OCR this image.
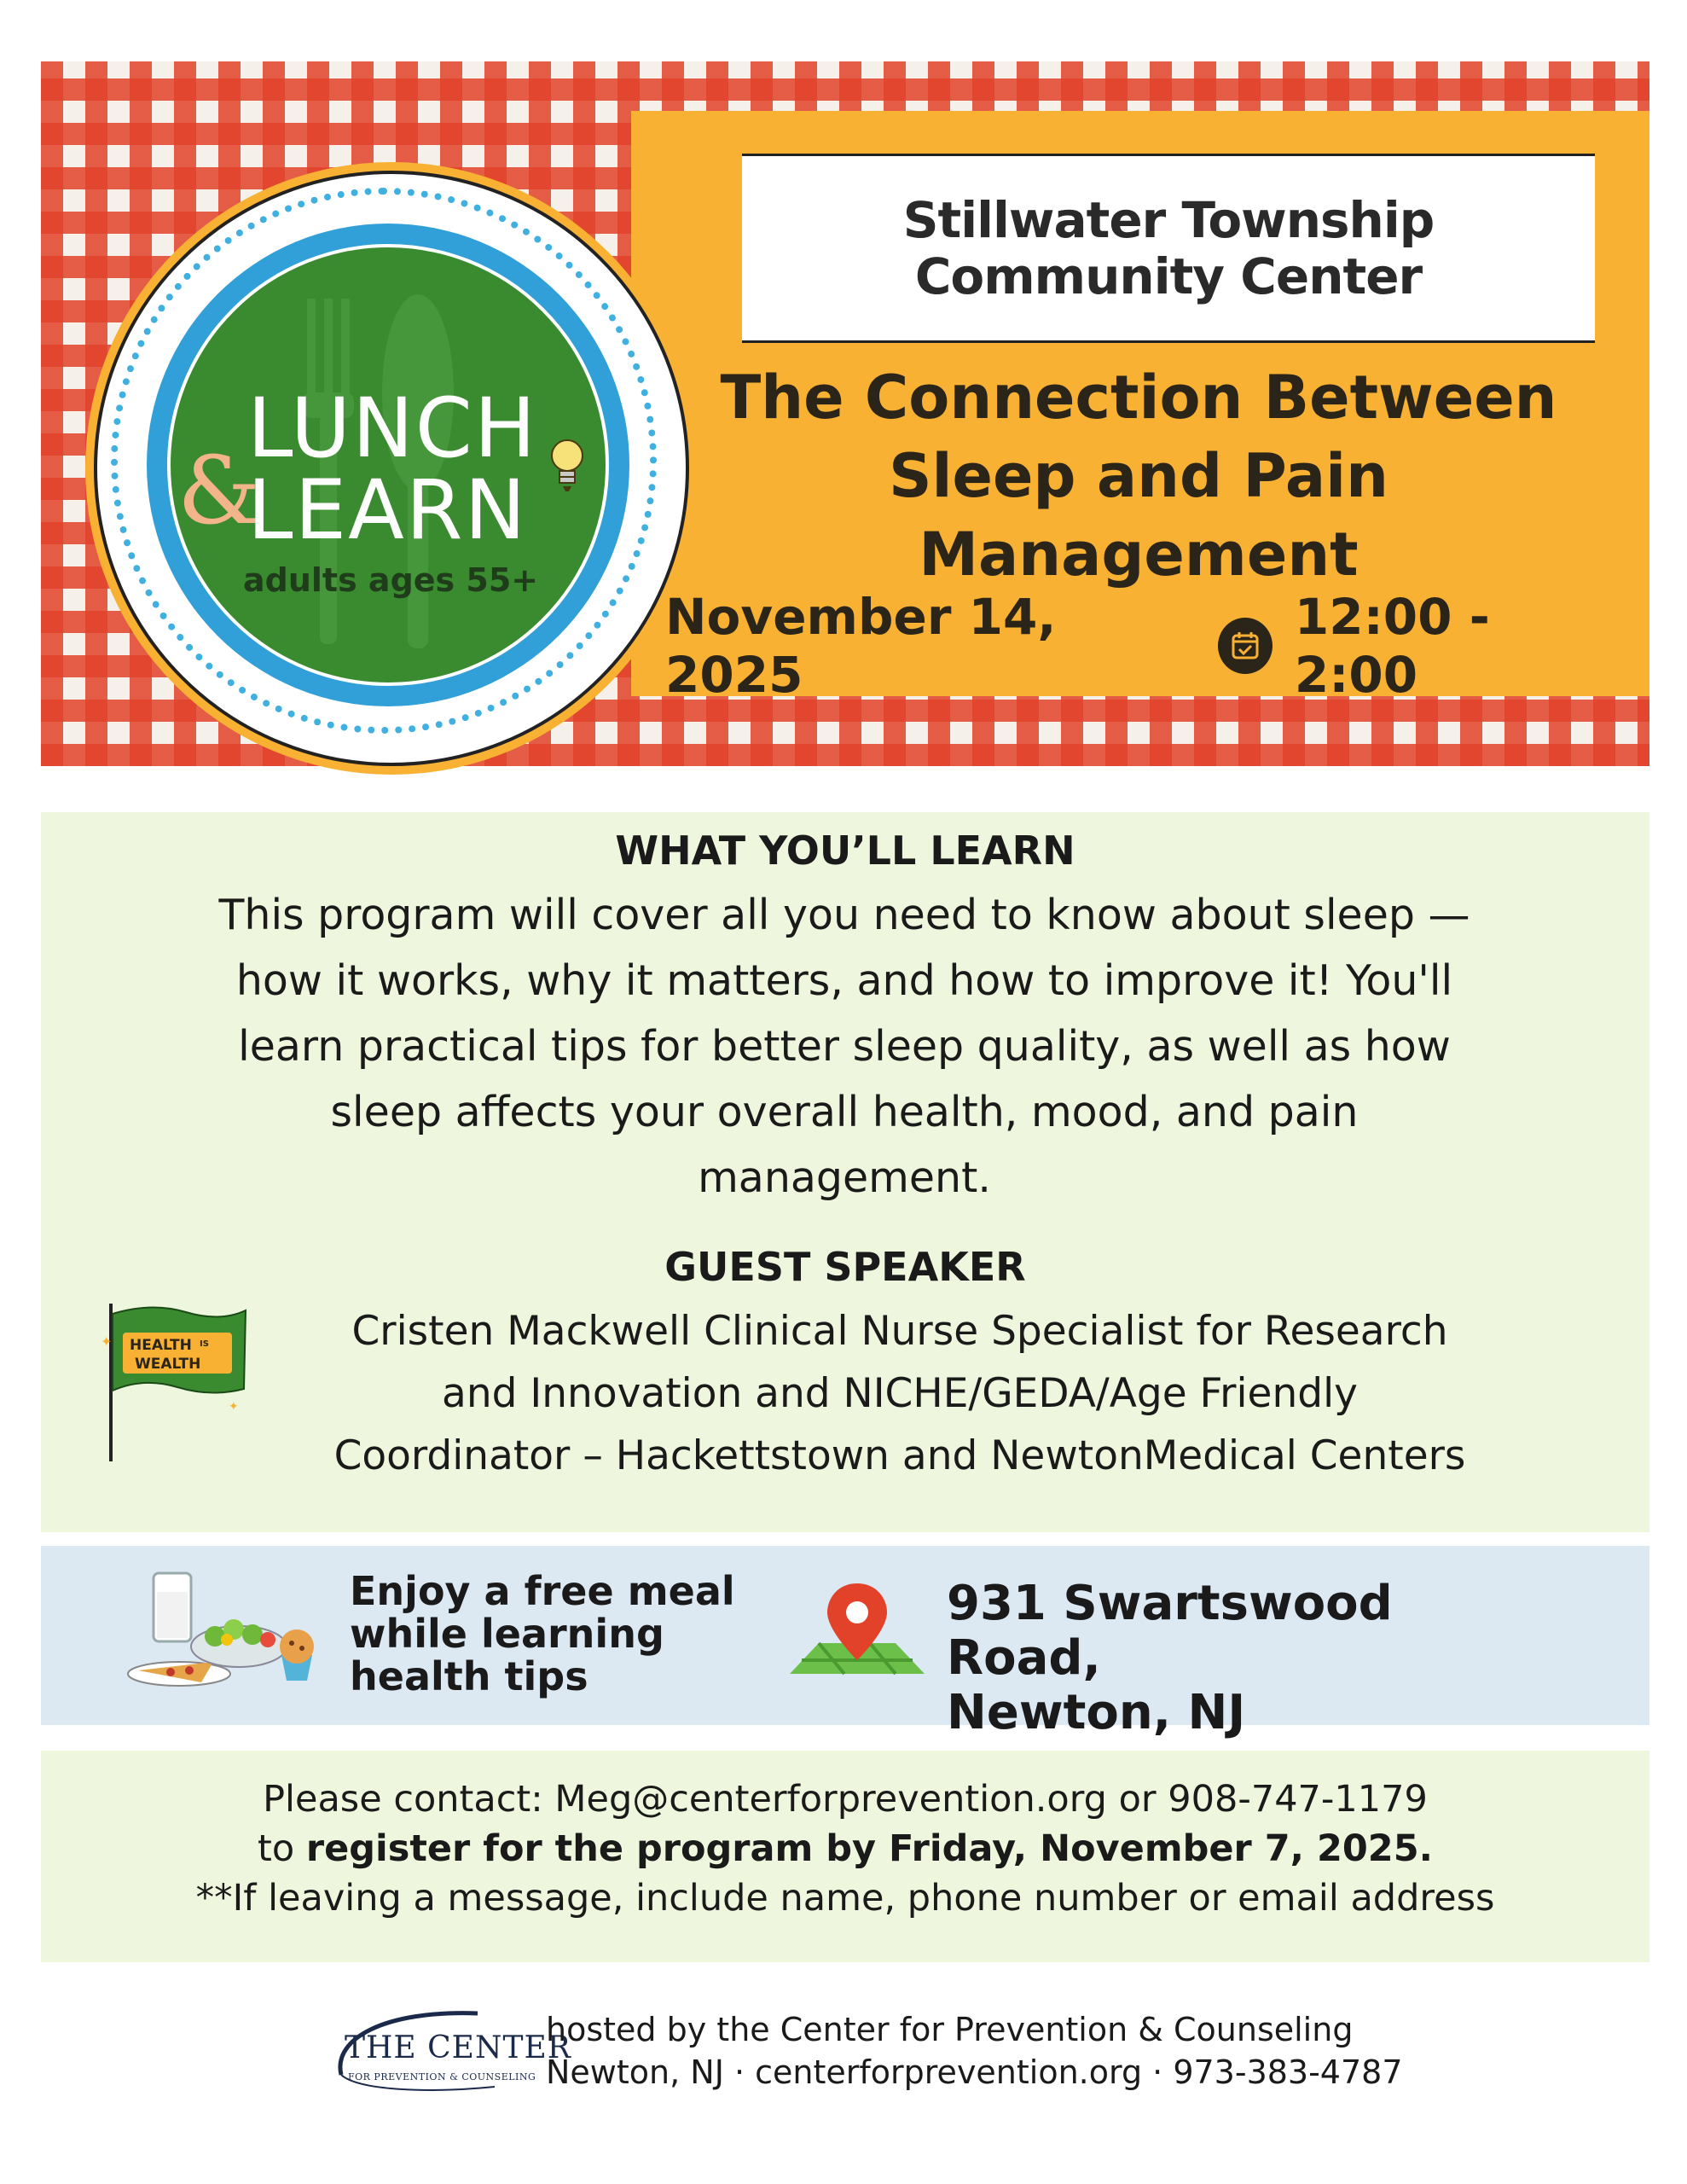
Stillwater Township
Community Center
The Connection Between
Sleep and Pain
Management
November 14, 2025
12:00 - 2:00
&
LUNCH
LEARN
adults ages 55+
WHAT YOU’LL LEARN
This program will cover all you need to know about sleep —
how it works, why it matters, and how to improve it! You'll
learn practical tips for better sleep quality, as well as how
sleep affects your overall health, mood, and pain
management.
GUEST SPEAKER
HEALTH IS
WEALTH
✦
✦
Cristen Mackwell Clinical Nurse Specialist for Research
and Innovation and NICHE/GEDA/Age Friendly
Coordinator – Hackettstown and NewtonMedical Centers
Enjoy a free meal
while learning
health tips
931 Swartswood Road,
Newton, NJ
Please contact: Meg@centerforprevention.org or 908-747-1179
to register for the program by Friday, November 7, 2025.
**If leaving a message, include name, phone number or email address
THE CENTER
FOR PREVENTION & COUNSELING
hosted by the Center for Prevention & Counseling
Newton, NJ · centerforprevention.org · 973-383-4787
